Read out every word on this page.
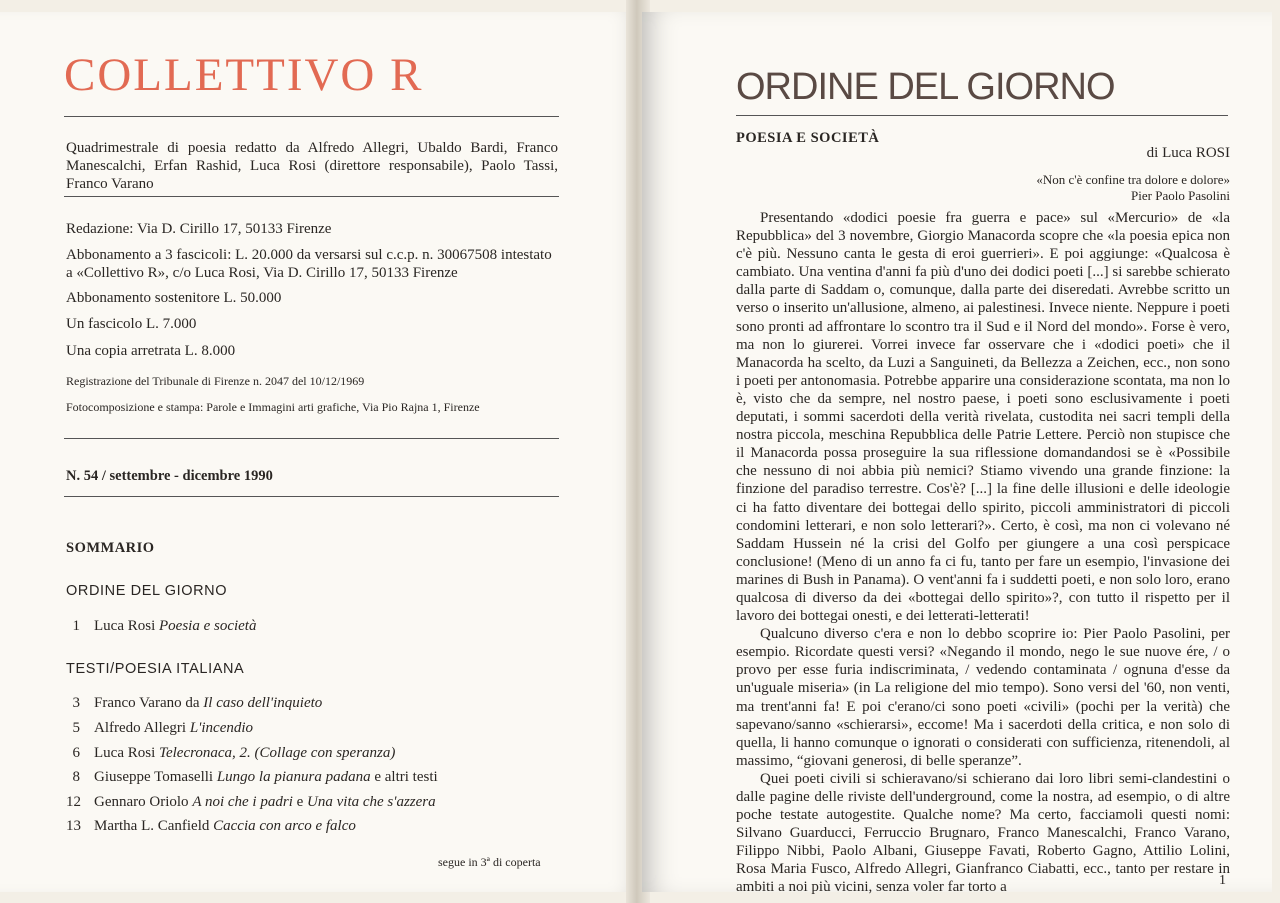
COLLETTIVO R

Quadrimestrale di poesia redatto da Alfredo Allegri, Ubaldo Bardi, Franco Manescalchi, Erfan Rashid, Luca Rosi (direttore responsabile), Paolo Tassi, Franco Varano

Redazione: Via D. Cirillo 17, 50133 Firenze

Abbonamento a 3 fascicoli: L. 20.000 da versarsi sul c.c.p. n. 30067508 intestato a «Collettivo R», c/o Luca Rosi, Via D. Cirillo 17, 50133 Firenze

Abbonamento sostenitore L. 50.000

Un fascicolo L. 7.000

Una copia arretrata L. 8.000

Registrazione del Tribunale di Firenze n. 2047 del 10/12/1969

Fotocomposizione e stampa: Parole e Immagini arti grafiche, Via Pio Rajna 1, Firenze

N. 54 / settembre - dicembre 1990

SOMMARIO

ORDINE DEL GIORNO

1 Luca Rosi Poesia e società

TESTI/POESIA ITALIANA

3 Franco Varano da Il caso dell'inquieto

5 Alfredo Allegri L'incendio

6 Luca Rosi Telecronaca, 2. (Collage con speranza)

8 Giuseppe Tomaselli Lungo la pianura padana e altri testi

12 Gennaro Oriolo A noi che i padri e Una vita che s'azzera

13 Martha L. Canfield Caccia con arco e falco

segue in 3ª di coperta

ORDINE DEL GIORNO

POESIA E SOCIETÀ

di Luca ROSI

«Non c'è confine tra dolore e dolore»
Pier Paolo Pasolini

Presentando «dodici poesie fra guerra e pace» sul «Mercurio» de «la Repubblica» del 3 novembre, Giorgio Manacorda scopre che «la poesia epica non c'è più. Nessuno canta le gesta di eroi guerrieri». E poi aggiunge: «Qualcosa è cambiato. Una ventina d'anni fa più d'uno dei dodici poeti [...] si sarebbe schierato dalla parte di Saddam o, comunque, dalla parte dei diseredati. Avrebbe scritto un verso o inserito un'allusione, almeno, ai palestinesi. Invece niente. Neppure i poeti sono pronti ad affrontare lo scontro tra il Sud e il Nord del mondo». Forse è vero, ma non lo giurerei. Vorrei invece far osservare che i «dodici poeti» che il Manacorda ha scelto, da Luzi a Sanguineti, da Bellezza a Zeichen, ecc., non sono i poeti per antonomasia. Potrebbe apparire una considerazione scontata, ma non lo è, visto che da sempre, nel nostro paese, i poeti sono esclusivamente i poeti deputati, i sommi sacerdoti della verità rivelata, custodita nei sacri templi della nostra piccola, meschina Repubblica delle Patrie Lettere. Perciò non stupisce che il Manacorda possa proseguire la sua riflessione domandandosi se è «Possibile che nessuno di noi abbia più nemici? Stiamo vivendo una grande finzione: la finzione del paradiso terrestre. Cos'è? [...] la fine delle illusioni e delle ideologie ci ha fatto diventare dei bottegai dello spirito, piccoli amministratori di piccoli condomini letterari, e non solo letterari?». Certo, è così, ma non ci volevano né Saddam Hussein né la crisi del Golfo per giungere a una così perspicace conclusione! (Meno di un anno fa ci fu, tanto per fare un esempio, l'invasione dei marines di Bush in Panama). O vent'anni fa i suddetti poeti, e non solo loro, erano qualcosa di diverso da dei «bottegai dello spirito»?, con tutto il rispetto per il lavoro dei bottegai onesti, e dei letterati-letterati!

Qualcuno diverso c'era e non lo debbo scoprire io: Pier Paolo Pasolini, per esempio. Ricordate questi versi? «Negando il mondo, nego le sue nuove ére, / o provo per esse furia indiscriminata, / vedendo contaminata / ognuna d'esse da un'uguale miseria» (in La religione del mio tempo). Sono versi del '60, non venti, ma trent'anni fa! E poi c'erano/ci sono poeti «civili» (pochi per la verità) che sapevano/sanno «schierarsi», eccome! Ma i sacerdoti della critica, e non solo di quella, li hanno comunque o ignorati o considerati con sufficienza, ritenendoli, al massimo, “giovani generosi, di belle speranze”.

Quei poeti civili si schieravano/si schierano dai loro libri semi-clandestini o dalle pagine delle riviste dell'underground, come la nostra, ad esempio, o di altre poche testate autogestite. Qualche nome? Ma certo, facciamoli questi nomi: Silvano Guarducci, Ferruccio Brugnaro, Franco Manescalchi, Franco Varano, Filippo Nibbi, Paolo Albani, Giuseppe Favati, Roberto Gagno, Attilio Lolini, Rosa Maria Fusco, Alfredo Allegri, Gianfranco Ciabatti, ecc., tanto per restare in ambiti a noi più vicini, senza voler far torto a	1
